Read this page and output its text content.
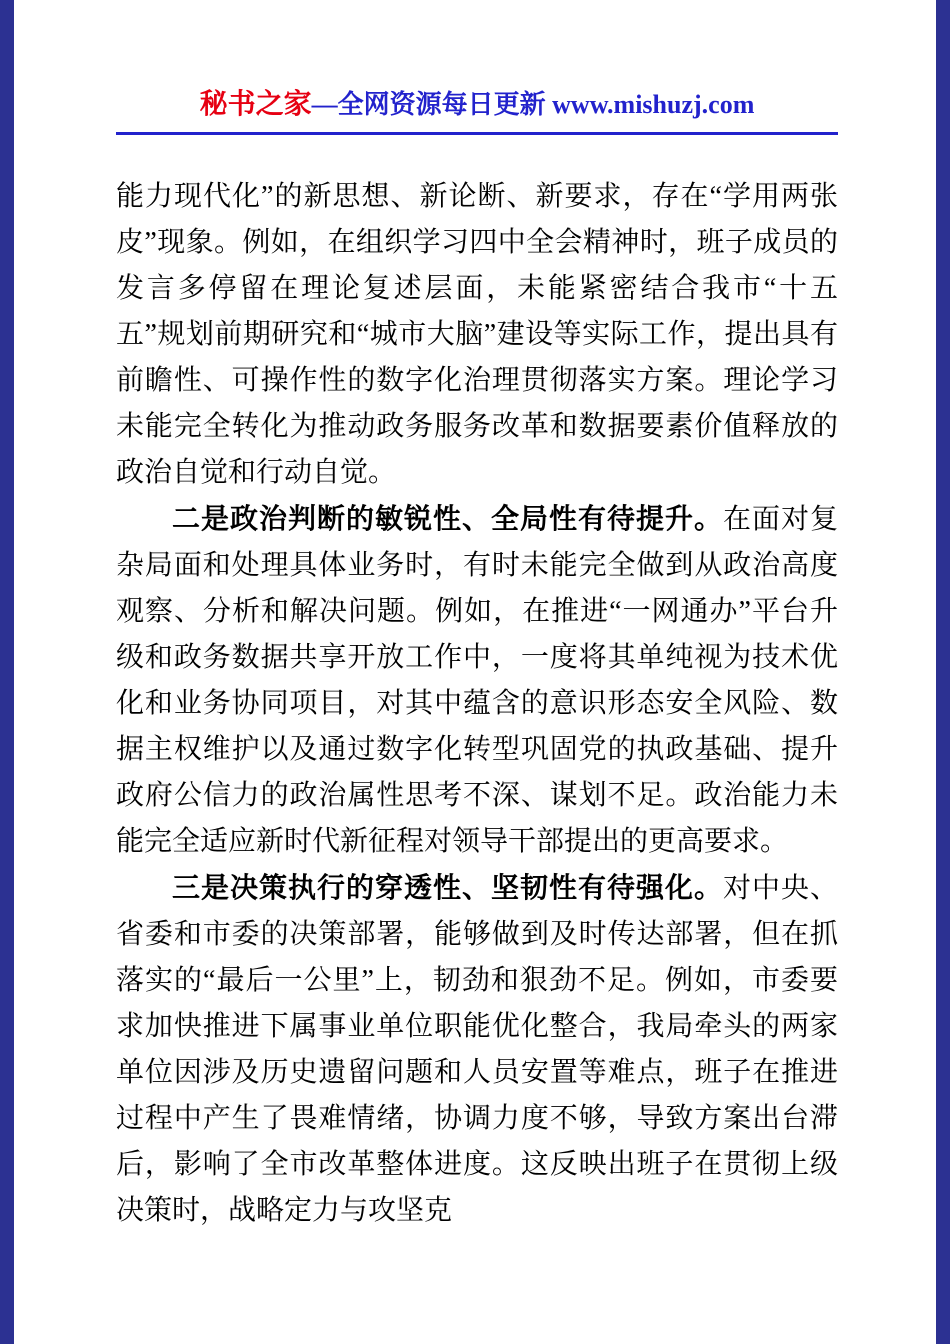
秘书之家—全网资源每日更新 www.mishuzj.com

能力现代化”的新思想、新论断、新要求，存在“学用两张皮”现象。例如，在组织学习四中全会精神时，班子成员的发言多停留在理论复述层面，未能紧密结合我市“十五五”规划前期研究和“城市大脑”建设等实际工作，提出具有前瞻性、可操作性的数字化治理贯彻落实方案。理论学习未能完全转化为推动政务服务改革和数据要素价值释放的政治自觉和行动自觉。

二是政治判断的敏锐性、全局性有待提升。在面对复杂局面和处理具体业务时，有时未能完全做到从政治高度观察、分析和解决问题。例如，在推进“一网通办”平台升级和政务数据共享开放工作中，一度将其单纯视为技术优化和业务协同项目，对其中蕴含的意识形态安全风险、数据主权维护以及通过数字化转型巩固党的执政基础、提升政府公信力的政治属性思考不深、谋划不足。政治能力未能完全适应新时代新征程对领导干部提出的更高要求。

三是决策执行的穿透性、坚韧性有待强化。对中央、省委和市委的决策部署，能够做到及时传达部署，但在抓落实的“最后一公里”上，韧劲和狠劲不足。例如，市委要求加快推进下属事业单位职能优化整合，我局牵头的两家单位因涉及历史遗留问题和人员安置等难点，班子在推进过程中产生了畏难情绪，协调力度不够，导致方案出台滞后，影响了全市改革整体进度。这反映出班子在贯彻上级决策时，战略定力与攻坚克
